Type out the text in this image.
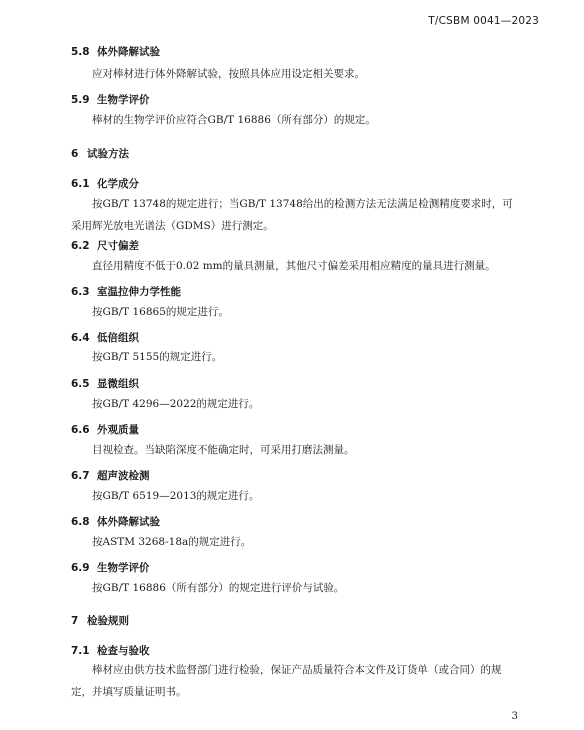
T/CSBM 0041—2023
5.8 体外降解试验
应对棒材进行体外降解试验，按照具体应用设定相关要求。
5.9 生物学评价
棒材的生物学评价应符合GB/T 16886（所有部分）的规定。
6 试验方法
6.1 化学成分
按GB/T 13748的规定进行；当GB/T 13748给出的检测方法无法满足检测精度要求时，可采用辉光放电光谱法（GDMS）进行测定。
6.2 尺寸偏差
直径用精度不低于0.02 mm的量具测量，其他尺寸偏差采用相应精度的量具进行测量。
6.3 室温拉伸力学性能
按GB/T 16865的规定进行。
6.4 低倍组织
按GB/T 5155的规定进行。
6.5 显微组织
按GB/T 4296—2022的规定进行。
6.6 外观质量
目视检查。当缺陷深度不能确定时，可采用打磨法测量。
6.7 超声波检测
按GB/T 6519—2013的规定进行。
6.8 体外降解试验
按ASTM 3268-18a的规定进行。
6.9 生物学评价
按GB/T 16886（所有部分）的规定进行评价与试验。
7 检验规则
7.1 检查与验收
棒材应由供方技术监督部门进行检验，保证产品质量符合本文件及订货单（或合同）的规定，并填写质量证明书。
3
